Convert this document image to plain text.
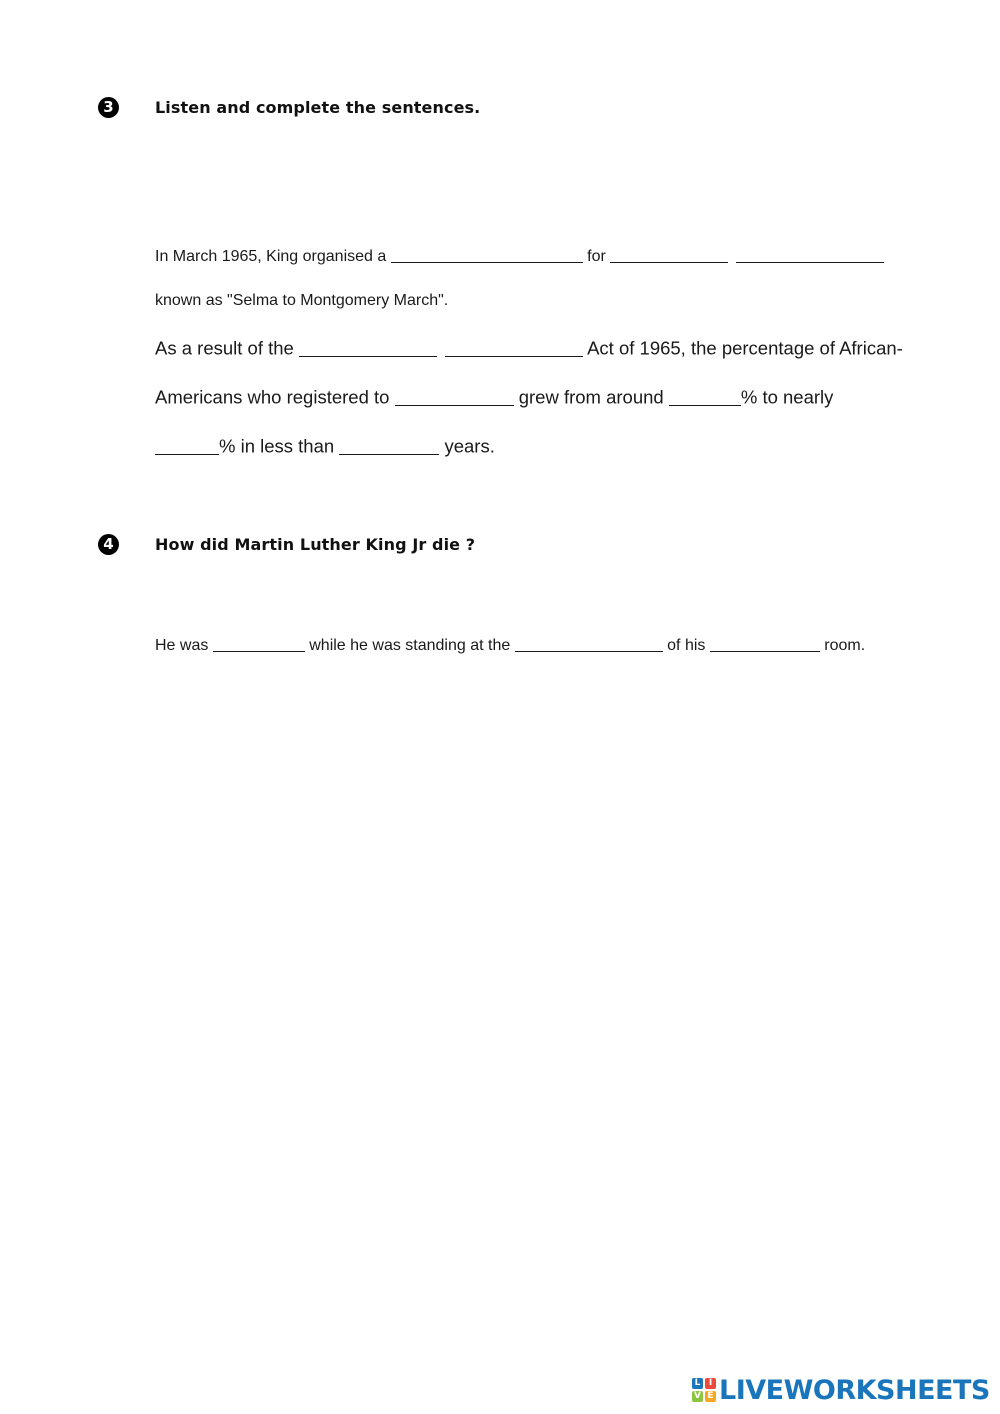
3	Listen and complete the sentences.
In March 1965, King organised a	for
known as "Selma to Montgomery March".
As a result of the	Act of 1965, the percentage of African-
Americans who registered to	grew from around	% to nearly
% in less than	years.
4	How did Martin Luther King Jr die ?
He was	while he was standing at the	of his	room.
L I
V E LIVEWORKSHEETS
